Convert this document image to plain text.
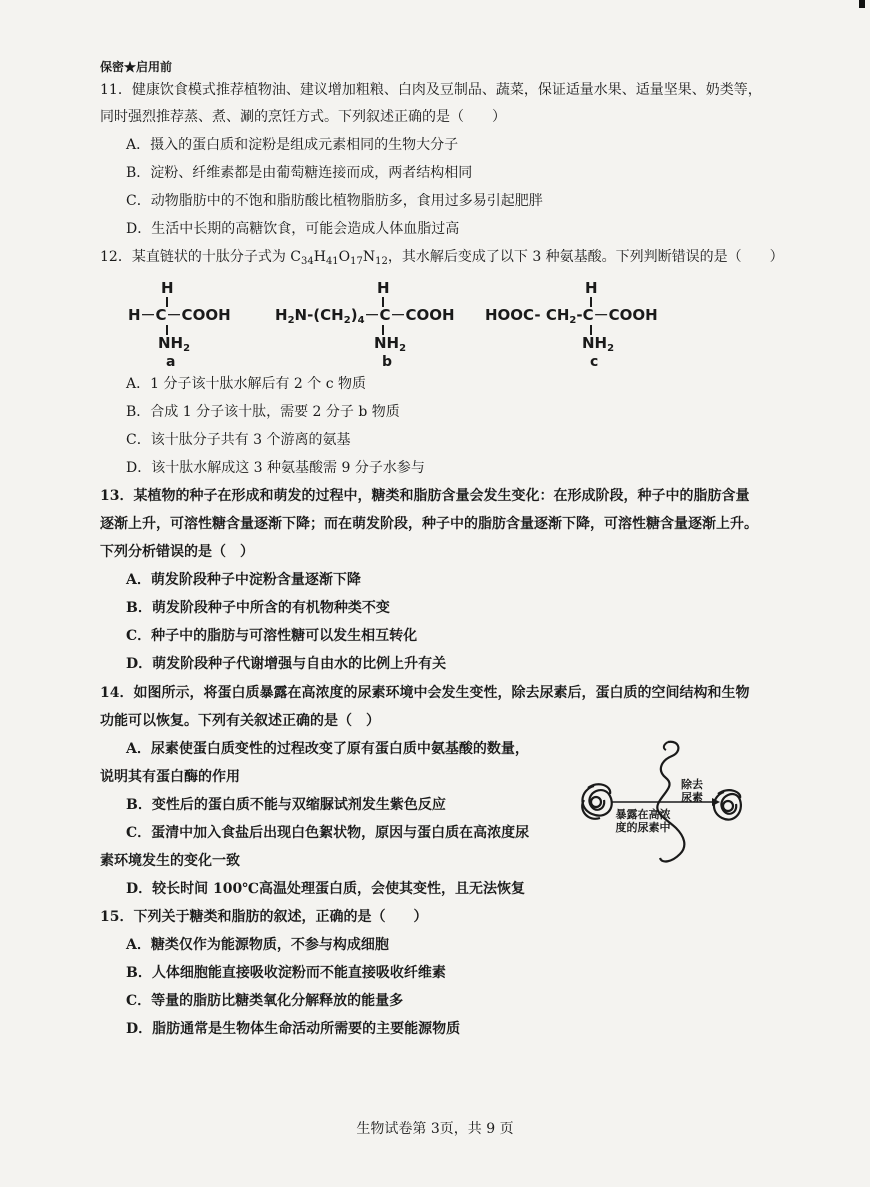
保密★启用前
11．健康饮食模式推荐植物油、建议增加粗粮、白肉及豆制品、蔬菜，保证适量水果、适量坚果、奶类等，
同时强烈推荐蒸、煮、涮的烹饪方式。下列叙述正确的是（　　）
A．摄入的蛋白质和淀粉是组成元素相同的生物大分子
B．淀粉、纤维素都是由葡萄糖连接而成，两者结构相同
C．动物脂肪中的不饱和脂肪酸比植物脂肪多，食用过多易引起肥胖
D．生活中长期的高糖饮食，可能会造成人体血脂过高
12．某直链状的十肽分子式为 $C_{34}H_{41}O_{17}N_{12}$，其水解后变成了以下 3 种氨基酸。下列判断错误的是（　　）
H
H－C－COOH
$NH_2$
a
H
$H_2N-(CH_2)_4-C-COOH$
$NH_2$
b
H
HOOC- $CH_2-C-COOH$
$NH_2$
c
A．1 分子该十肽水解后有 2 个 c 物质
B．合成 1 分子该十肽，需要 2 分子 b 物质
C．该十肽分子共有 3 个游离的氨基
D．该十肽水解成这 3 种氨基酸需 9 分子水参与
13．某植物的种子在形成和萌发的过程中，糖类和脂肪含量会发生变化：在形成阶段，种子中的脂肪含量
逐渐上升，可溶性糖含量逐渐下降；而在萌发阶段，种子中的脂肪含量逐渐下降，可溶性糖含量逐渐上升。
下列分析错误的是（　）
A．萌发阶段种子中淀粉含量逐渐下降
B．萌发阶段种子中所含的有机物种类不变
C．种子中的脂肪与可溶性糖可以发生相互转化
D．萌发阶段种子代谢增强与自由水的比例上升有关
14．如图所示，将蛋白质暴露在高浓度的尿素环境中会发生变性，除去尿素后，蛋白质的空间结构和生物
功能可以恢复。下列有关叙述正确的是（　）
A．尿素使蛋白质变性的过程改变了原有蛋白质中氨基酸的数量，
说明其有蛋白酶的作用
B．变性后的蛋白质不能与双缩脲试剂发生紫色反应
C．蛋清中加入食盐后出现白色絮状物，原因与蛋白质在高浓度尿
素环境发生的变化一致
D．较长时间 100℃高温处理蛋白质，会使其变性，且无法恢复
暴露在高浓
度的尿素中
除去
尿素
15．下列关于糖类和脂肪的叙述，正确的是（　　）
A．糖类仅作为能源物质，不参与构成细胞
B．人体细胞能直接吸收淀粉而不能直接吸收纤维素
C．等量的脂肪比糖类氧化分解释放的能量多
D．脂肪通常是生物体生命活动所需要的主要能源物质
生物试卷第 3页，共 9 页
